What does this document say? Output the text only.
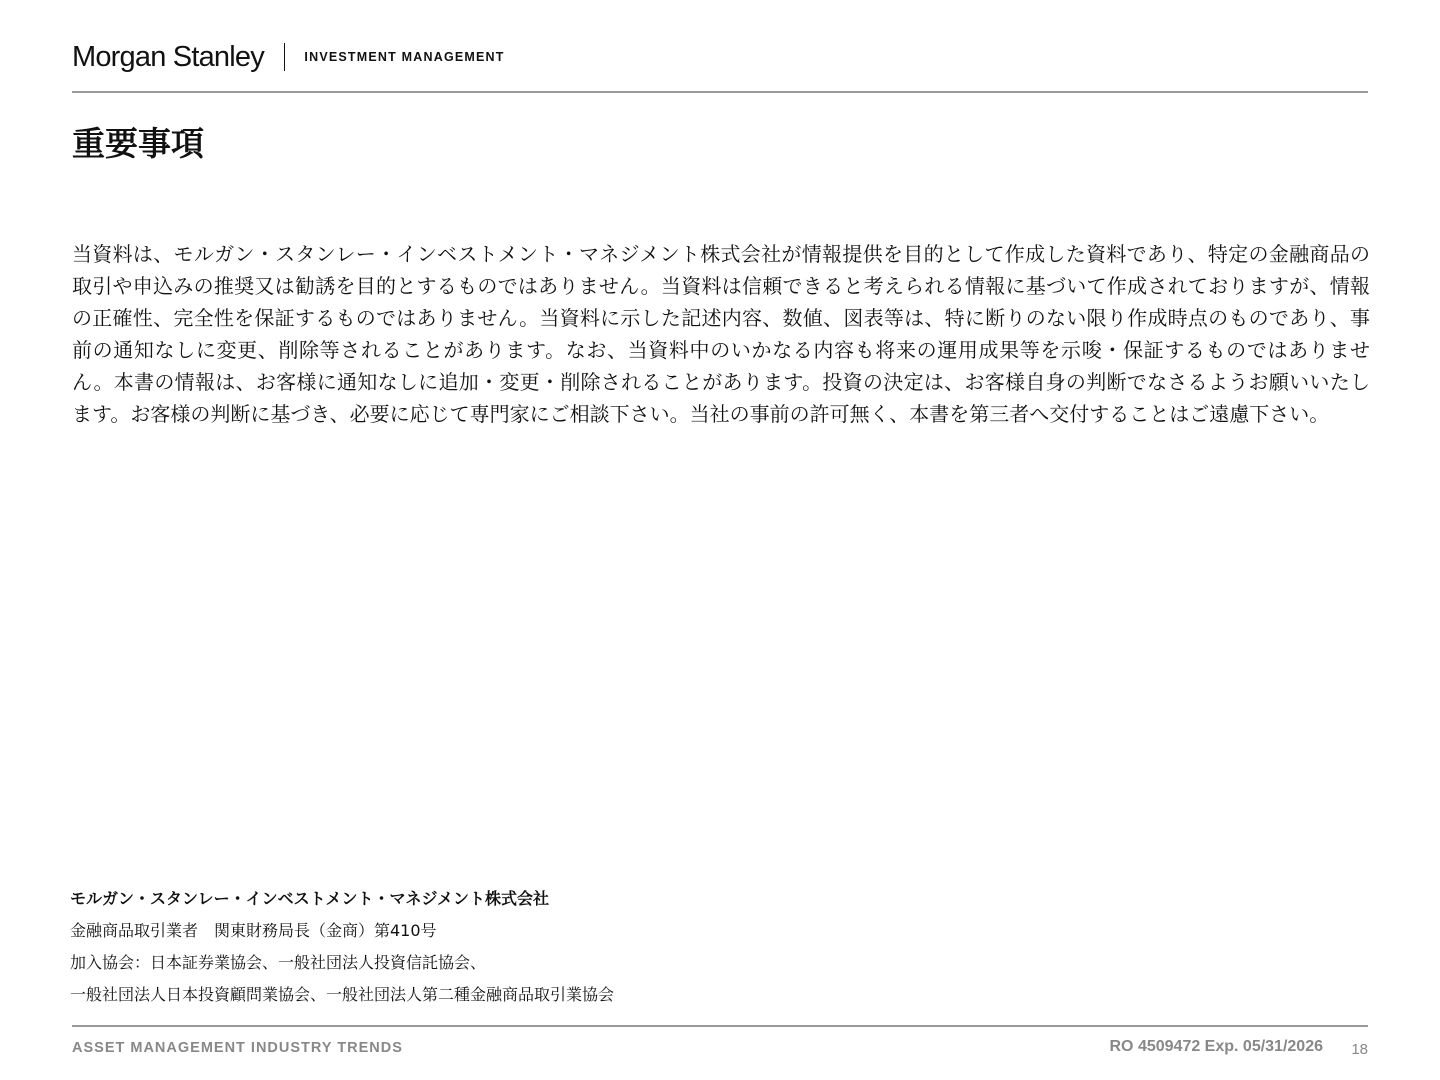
Morgan Stanley	INVESTMENT MANAGEMENT
重要事項

当資料は、モルガン・スタンレー・インベストメント・マネジメント株式会社が情報提供を目的として作成した資料であり、特定の金融商品の取引や申込みの推奨又は勧誘を目的とするものではありません。当資料は信頼できると考えられる情報に基づいて作成されておりますが、情報の正確性、完全性を保証するものではありません。当資料に示した記述内容、数値、図表等は、特に断りのない限り作成時点のものであり、事前の通知なしに変更、削除等されることがあります。なお、当資料中のいかなる内容も将来の運用成果等を示唆・保証するものではありません。本書の情報は、お客様に通知なしに追加・変更・削除されることがあります。投資の決定は、お客様自身の判断でなさるようお願いいたします。お客様の判断に基づき、必要に応じて専門家にご相談下さい。当社の事前の許可無く、本書を第三者へ交付することはご遠慮下さい。

モルガン・スタンレー・インベストメント・マネジメント株式会社
金融商品取引業者　関東財務局長（金商）第410号
加入協会：日本証券業協会、一般社団法人投資信託協会、
一般社団法人日本投資顧問業協会、一般社団法人第二種金融商品取引業協会
ASSET MANAGEMENT INDUSTRY TRENDS	RO 4509472 Exp. 05/31/2026 18
